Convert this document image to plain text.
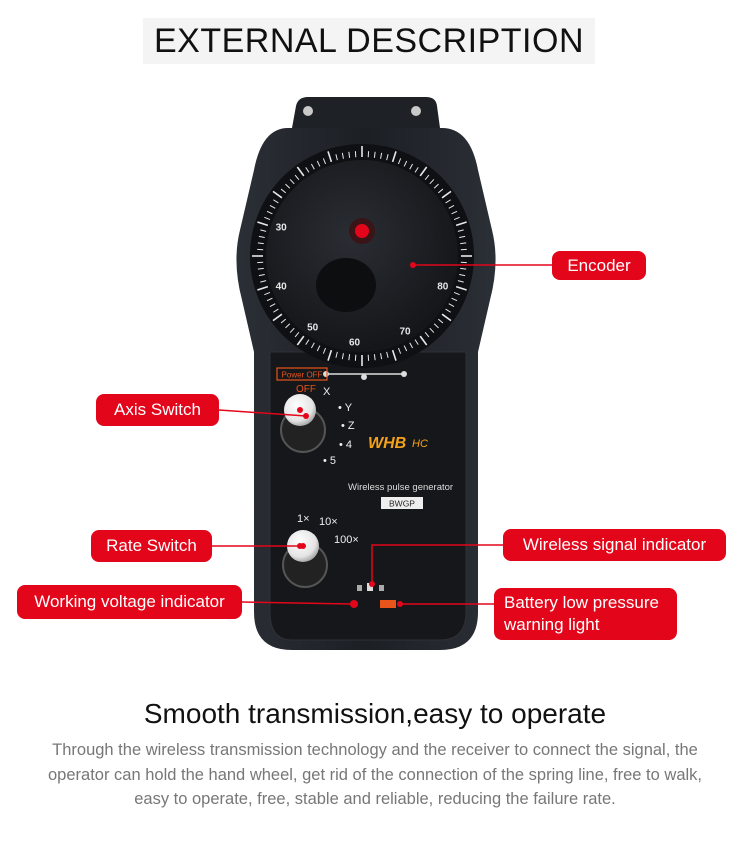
EXTERNAL DESCRIPTION
30
40
50
60
70
80
Power OFF
OFF X
• Y
• Z
• 4
• 5
WHB HC
Wireless pulse generator
BWGP
1× 10×
100×
Encoder
Axis Switch
Rate Switch	Wireless signal indicator
Working voltage indicator	Battery low pressure
warning light
Smooth transmission,easy to operate
Through the wireless transmission technology and the receiver to connect the signal, the operator can hold the hand wheel, get rid of the connection of the spring line, free to walk, easy to operate, free, stable and reliable, reducing the failure rate.
